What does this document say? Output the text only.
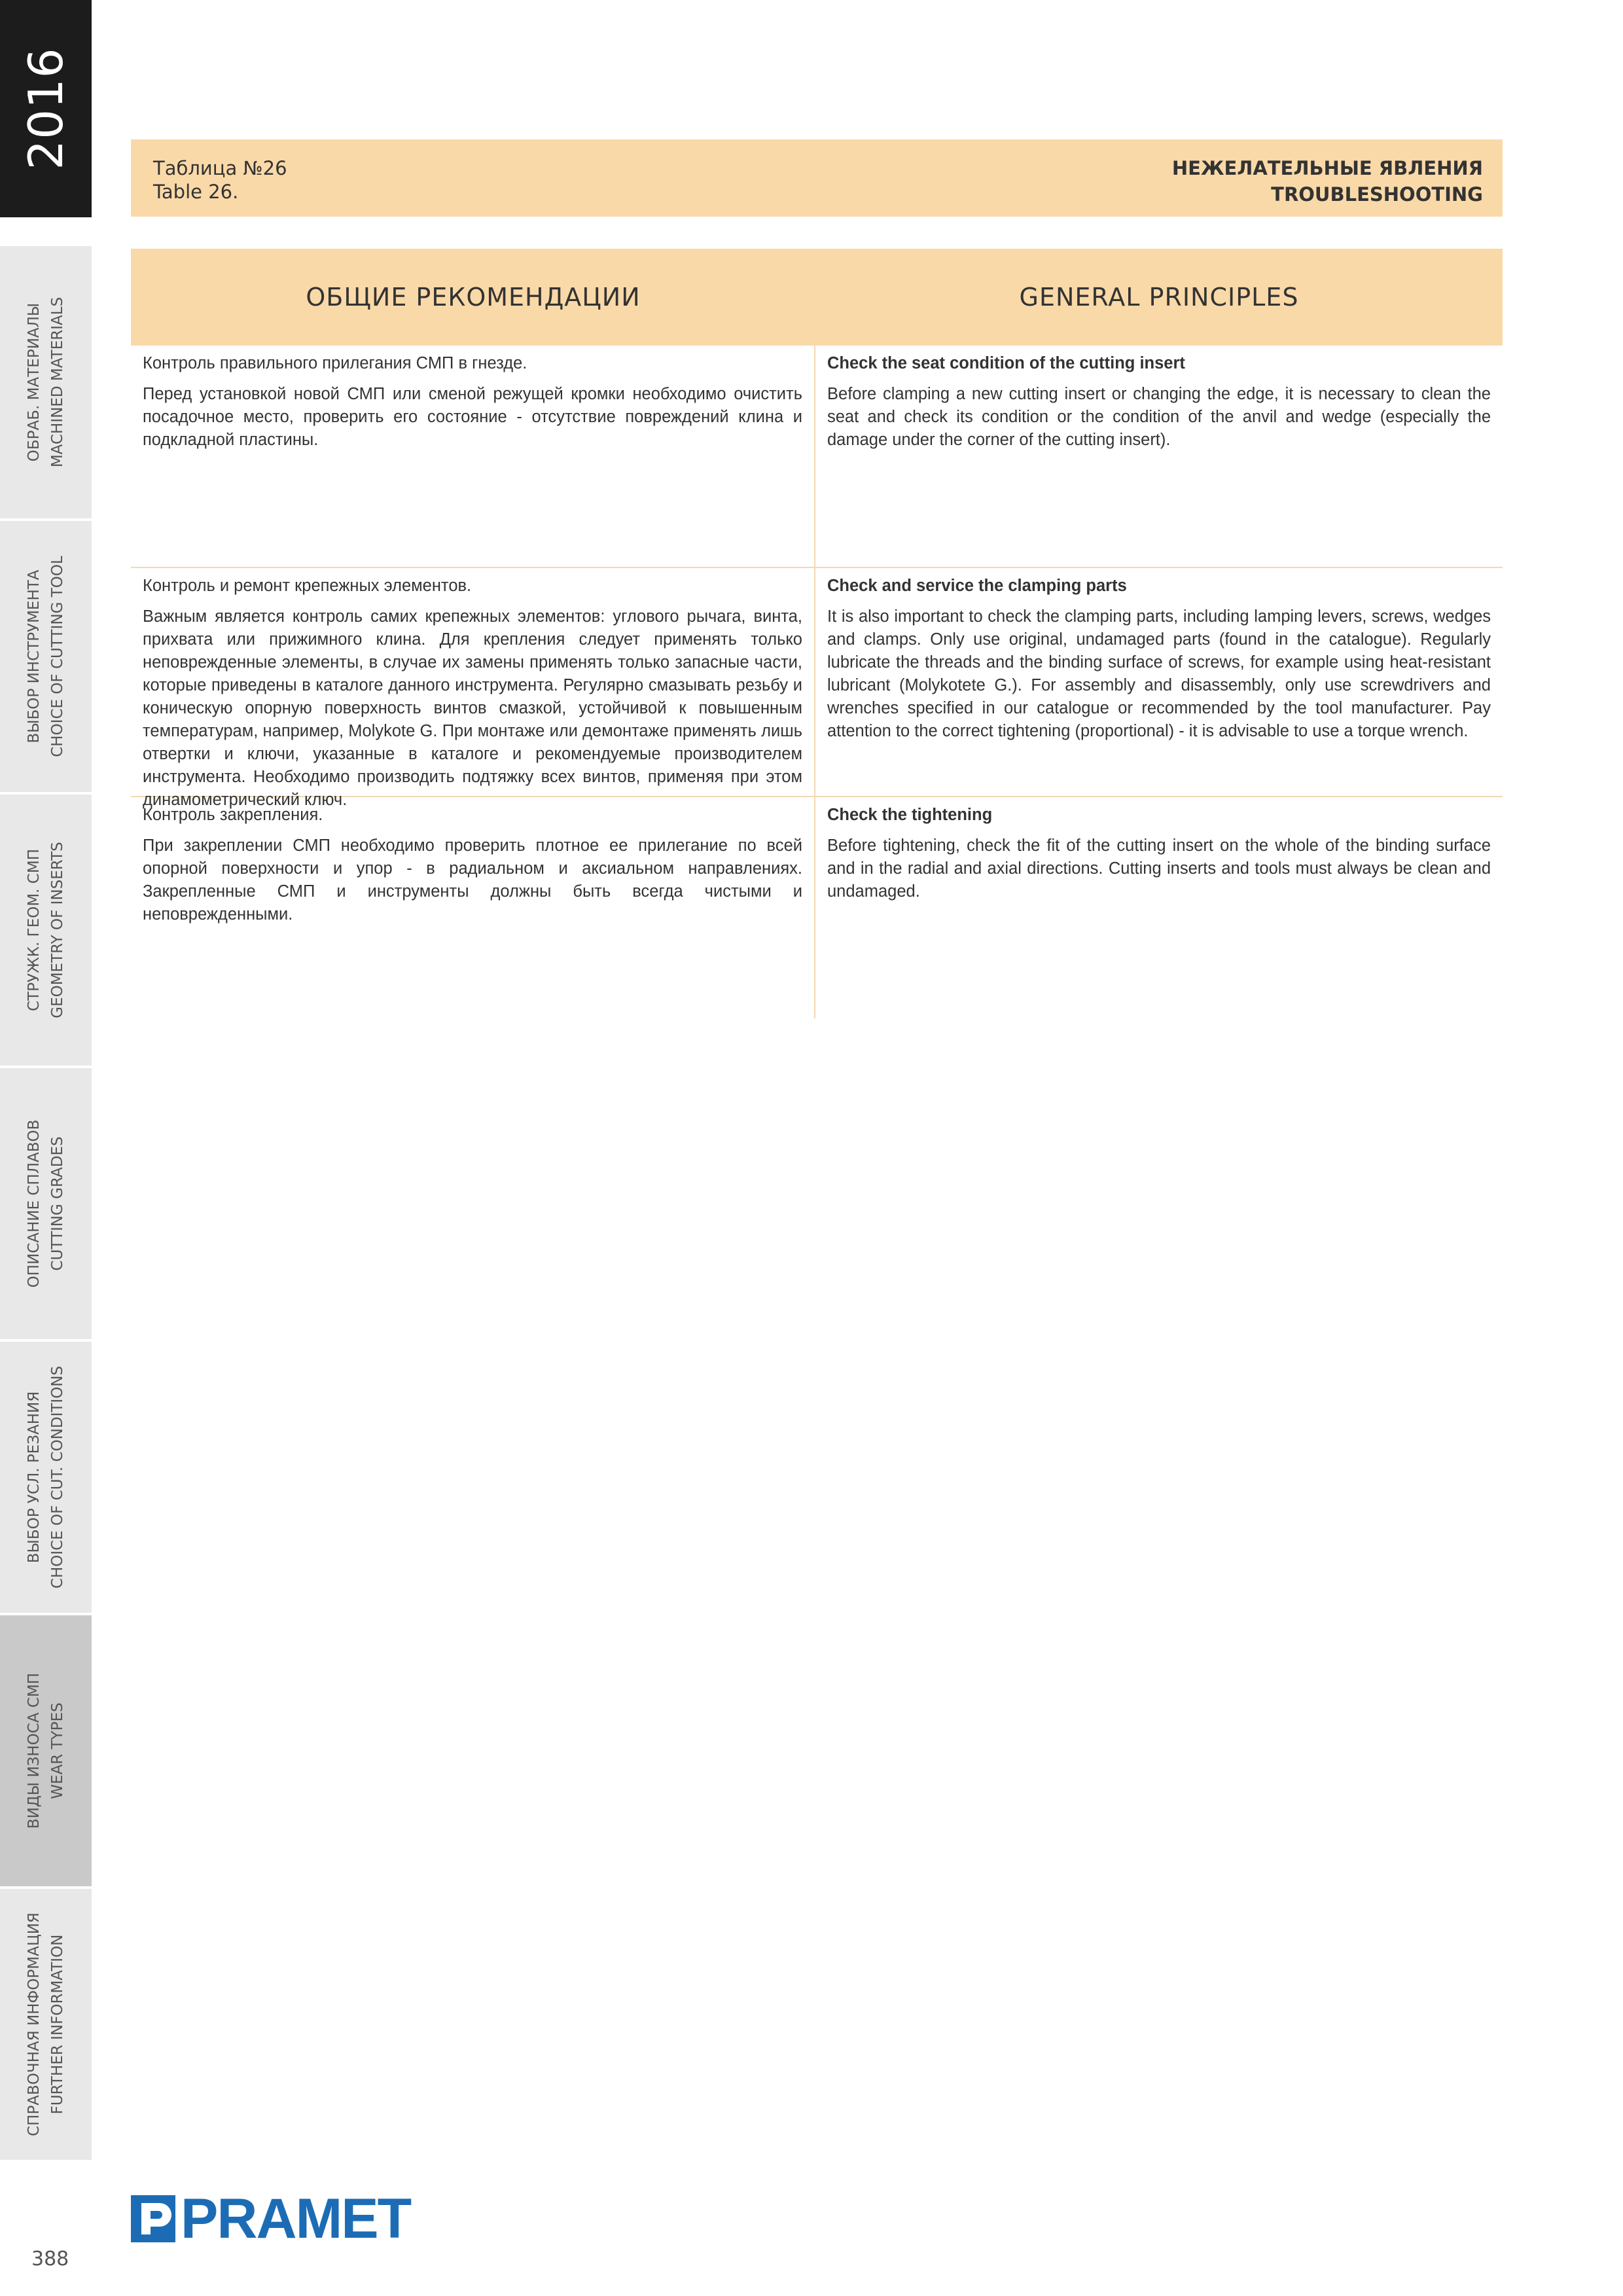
2016
ОБРАБ. МАТЕРИАЛЫ MACHINED MATERIALS
ВЫБОР ИНСТРУМЕНТА CHOICE OF CUTTING TOOL
СТРУЖК. ГЕОМ. СМП GEOMETRY OF INSERTS
ОПИСАНИЕ СПЛАВОВ CUTTING GRADES
ВЫБОР УСЛ. РЕЗАНИЯ CHOICE OF CUT. CONDITIONS
ВИДЫ ИЗНОСА СМП WEAR TYPES
СПРАВОЧНАЯ ИНФОРМАЦИЯ FURTHER INFORMATION
388
Таблица №26
Table 26.
НЕЖЕЛАТЕЛЬНЫЕ ЯВЛЕНИЯ
TROUBLESHOOTING
ОБЩИЕ РЕКОМЕНДАЦИИ	GENERAL PRINCIPLES

Контроль правильного прилегания СМП в гнезде.

Перед установкой новой СМП или сменой режущей кромки необходимо очистить посадочное место, проверить его состояние - отсутствие повреждений клина и подкладной пластины.

Check the seat condition of the cutting insert

Before clamping a new cutting insert or changing the edge, it is necessary to clean the seat and check its condition or the condition of the anvil and wedge (especially the damage under the corner of the cutting insert).

Контроль и ремонт крепежных элементов.

Важным является контроль самих крепежных элементов: углового рычага, винта, прихвата или прижимного клина. Для крепления следует применять только неповрежденные элементы, в случае их замены применять только запасные части, которые приведены в каталоге данного инструмента. Регулярно смазывать резьбу и коническую опорную поверхность винтов смазкой, устойчивой к повышенным температурам, например, Molykote G. При монтаже или демонтаже применять лишь отвертки и ключи, указанные в каталоге и рекомендуемые производителем инструмента. Необходимо производить подтяжку всех винтов, применяя при этом динамометрический ключ.

Check and service the clamping parts

It is also important to check the clamping parts, including lamping levers, screws, wedges and clamps. Only use original, undamaged parts (found in the catalogue). Regularly lubricate the threads and the binding surface of screws, for example using heat-resistant lubricant (Molykotete G.). For assembly and disassembly, only use screwdrivers and wrenches specified in our catalogue or recommended by the tool manufacturer. Pay attention to the correct tightening (proportional) - it is advisable to use a torque wrench.

Контроль закрепления.

При закреплении СМП необходимо проверить плотное ее прилегание по всей опорной поверхности и упор - в радиальном и аксиальном направлениях. Закрепленные СМП и инструменты должны быть всегда чистыми и неповрежденными.

Check the tightening

Before tightening, check the fit of the cutting insert on the whole of the binding surface and in the radial and axial directions. Cutting inserts and tools must always be clean and undamaged.

PRAMET
